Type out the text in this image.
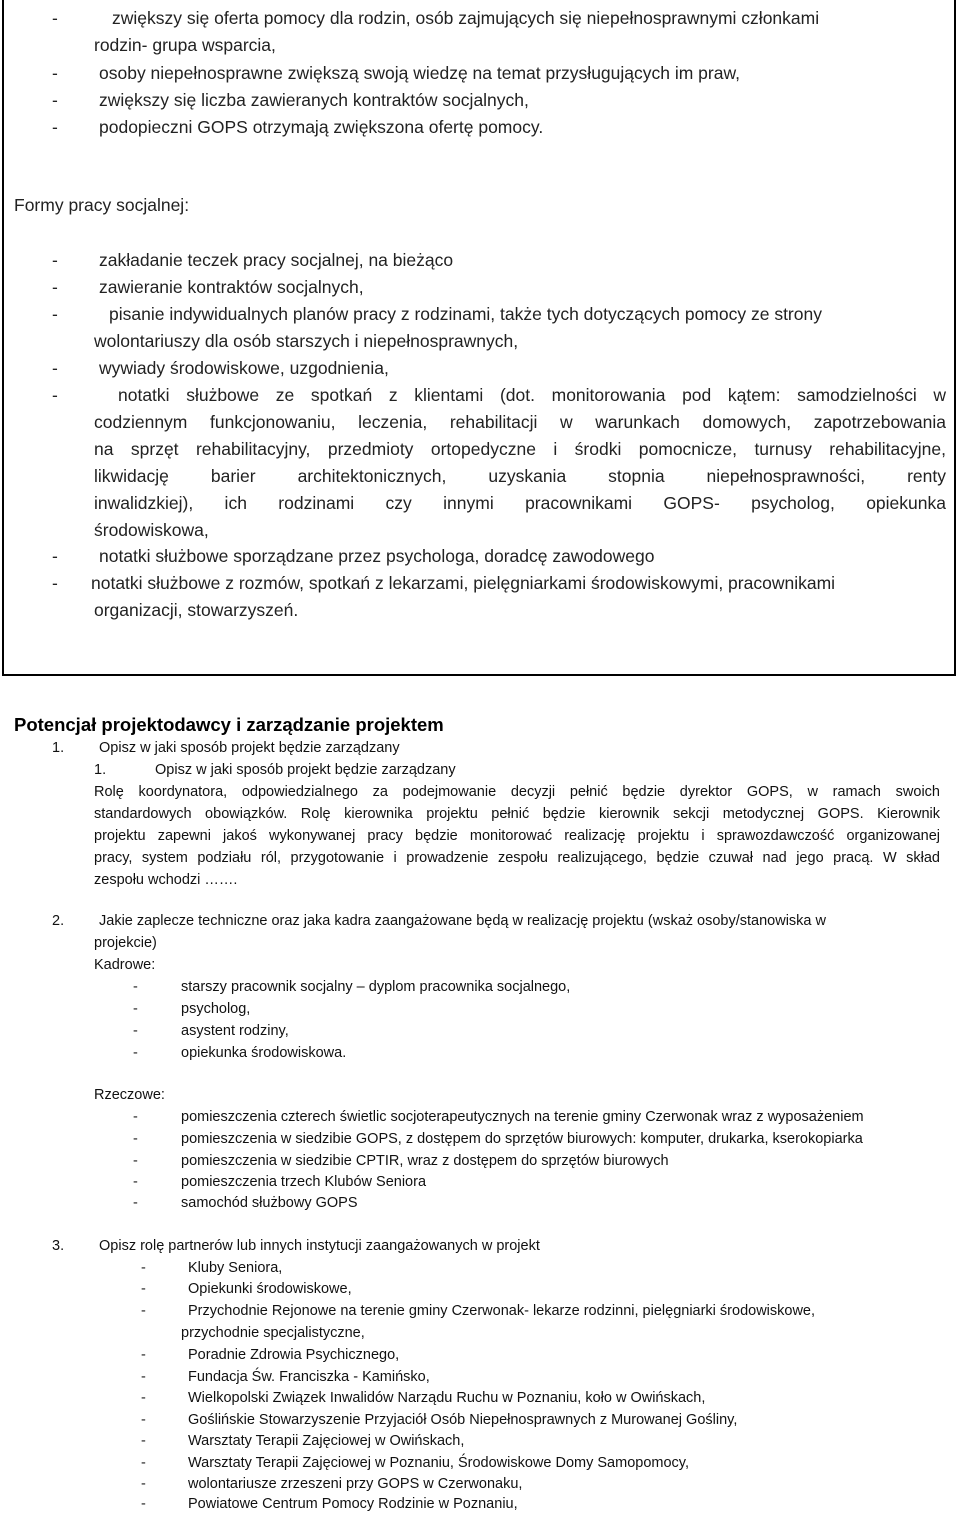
-	zwiększy się oferta pomocy dla rodzin, osób zajmujących się niepełnosprawnymi członkami
rodzin- grupa wsparcia,
- osoby niepełnosprawne zwiększą swoją wiedzę na temat przysługujących im praw,
- zwiększy się liczba zawieranych kontraktów socjalnych,
- podopieczni GOPS otrzymają zwiększona ofertę pomocy.
Formy pracy socjalnej:
- zakładanie teczek pracy socjalnej, na bieżąco
- zawieranie kontraktów socjalnych,
-	pisanie indywidualnych planów pracy z rodzinami, także tych dotyczących pomocy ze strony
wolontariuszy dla osób starszych i niepełnosprawnych,
- wywiady środowiskowe, uzgodnienia,
-	notatki służbowe ze spotkań z klientami (dot. monitorowania pod kątem: samodzielności w
codziennym funkcjonowaniu, leczenia, rehabilitacji w warunkach domowych, zapotrzebowania
na sprzęt rehabilitacyjny, przedmioty ortopedyczne i środki pomocnicze, turnusy rehabilitacyjne,
likwidację barier architektonicznych, uzyskania stopnia niepełnosprawności, renty
inwalidzkiej), ich rodzinami czy innymi pracownikami GOPS- psycholog, opiekunka
środowiskowa,
- notatki służbowe sporządzane przez psychologa, doradcę zawodowego
- notatki służbowe z rozmów, spotkań z lekarzami, pielęgniarkami środowiskowymi, pracownikami
organizacji, stowarzyszeń.
Potencjał projektodawcy i zarządzanie projektem
1. Opisz w jaki sposób projekt będzie zarządzany
1.	Opisz w jaki sposób projekt będzie zarządzany
Rolę koordynatora, odpowiedzialnego za podejmowanie decyzji pełnić będzie dyrektor GOPS, w ramach swoich
standardowych obowiązków. Rolę kierownika projektu pełnić będzie kierownik sekcji metodycznej GOPS. Kierownik
projektu zapewni jakoś wykonywanej pracy będzie monitorować realizację projektu i sprawozdawczość organizowanej
pracy, system podziału ról, przygotowanie i prowadzenie zespołu realizującego, będzie czuwał nad jego pracą. W skład
zespołu wchodzi …….
2. Jakie zaplecze techniczne oraz jaka kadra zaangażowane będą w realizację projektu (wskaż osoby/stanowiska w
projekcie)
Kadrowe:
-	starszy pracownik socjalny – dyplom pracownika socjalnego,
-	psycholog,
-	asystent rodziny,
-	opiekunka środowiskowa.
Rzeczowe:
-	pomieszczenia czterech świetlic socjoterapeutycznych na terenie gminy Czerwonak wraz z wyposażeniem
-	pomieszczenia w siedzibie GOPS, z dostępem do sprzętów biurowych: komputer, drukarka, kserokopiarka
-	pomieszczenia w siedzibie CPTIR, wraz z dostępem do sprzętów biurowych
-	pomieszczenia trzech Klubów Seniora
-	samochód służbowy GOPS
3. Opisz rolę partnerów lub innych instytucji zaangażowanych w projekt
-	Kluby Seniora,
-	Opiekunki środowiskowe,
-	Przychodnie Rejonowe na terenie gminy Czerwonak- lekarze rodzinni, pielęgniarki środowiskowe,
przychodnie specjalistyczne,
-	Poradnie Zdrowia Psychicznego,
-	Fundacja Św. Franciszka - Kamińsko,
-	Wielkopolski Związek Inwalidów Narządu Ruchu w Poznaniu, koło w Owińskach,
-	Goślińskie Stowarzyszenie Przyjaciół Osób Niepełnosprawnych z Murowanej Gośliny,
-	Warsztaty Terapii Zajęciowej w Owińskach,
-	Warsztaty Terapii Zajęciowej w Poznaniu, Środowiskowe Domy Samopomocy,
-	wolontariusze zrzeszeni przy GOPS w Czerwonaku,
-	Powiatowe Centrum Pomocy Rodzinie w Poznaniu,
